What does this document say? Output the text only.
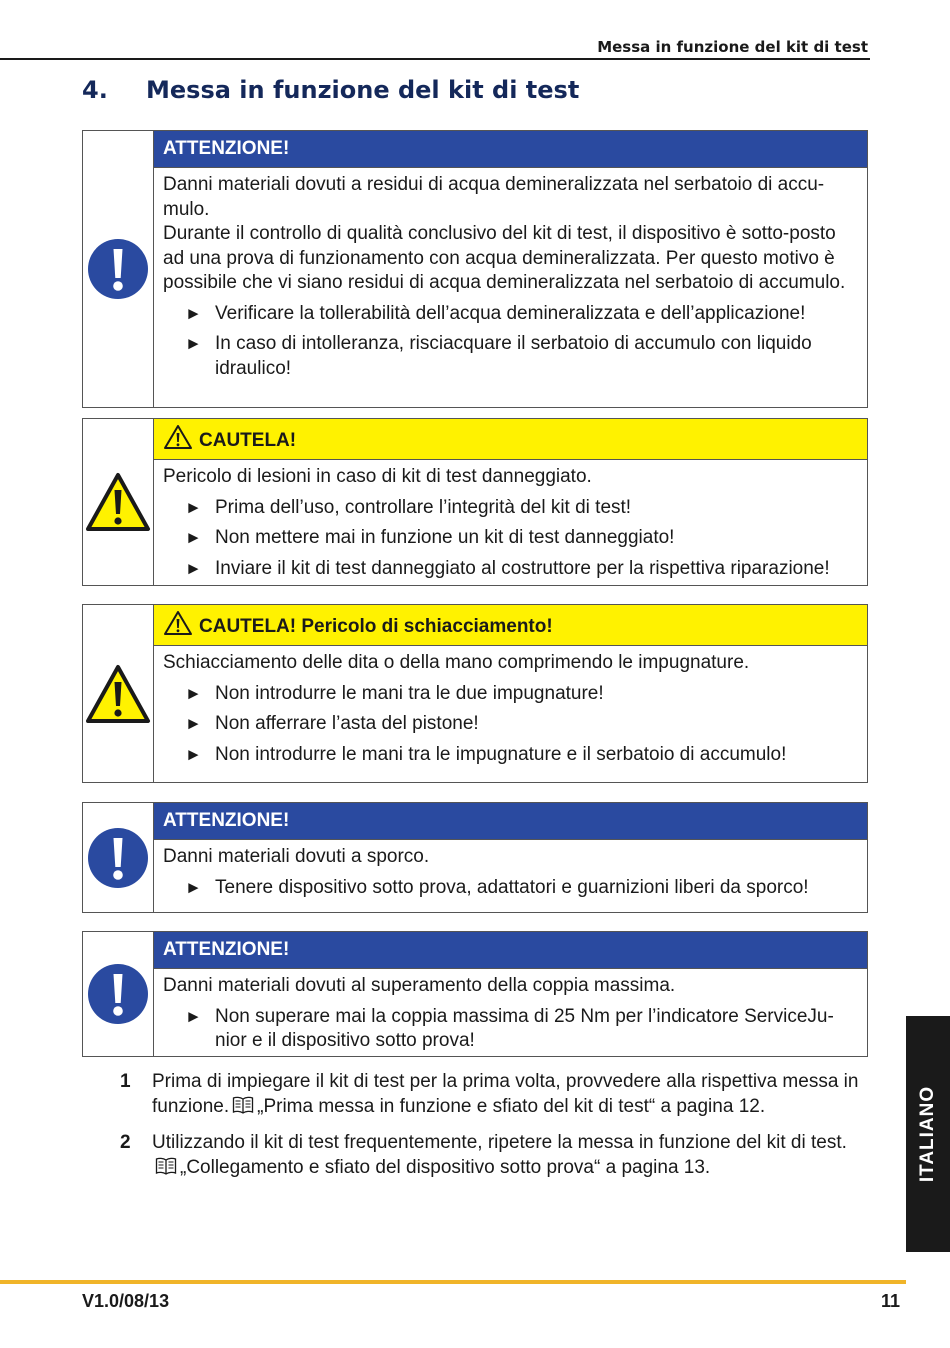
Messa in funzione del kit di test
4. Messa in funzione del kit di test
ATTENZIONE!

Danni materiali dovuti a residui di acqua demineralizzata nel serbatoio di accu-mulo.

Durante il controllo di qualità conclusivo del kit di test, il dispositivo è sotto-posto ad una prova di funzionamento con acqua demineralizzata. Per questo motivo è possibile che vi siano residui di acqua demineralizzata nel serbatoio di accumulo.

► Verificare la tollerabilità dell’acqua demineralizzata e dell’applicazione!
► In caso di intolleranza, risciacquare il serbatoio di accumulo con liquido idraulico!
CAUTELA!

Pericolo di lesioni in caso di kit di test danneggiato.

► Prima dell’uso, controllare l’integrità del kit di test!
► Non mettere mai in funzione un kit di test danneggiato!
► Inviare il kit di test danneggiato al costruttore per la rispettiva riparazione!
CAUTELA! Pericolo di schiacciamento!

Schiacciamento delle dita o della mano comprimendo le impugnature.

► Non introdurre le mani tra le due impugnature!
► Non afferrare l’asta del pistone!
► Non introdurre le mani tra le impugnature e il serbatoio di accumulo!
ATTENZIONE!

Danni materiali dovuti a sporco.

► Tenere dispositivo sotto prova, adattatori e guarnizioni liberi da sporco!
ATTENZIONE!

Danni materiali dovuti al superamento della coppia massima.

► Non superare mai la coppia massima di 25 Nm per l’indicatore ServiceJu-nior e il dispositivo sotto prova!
1 Prima di impiegare il kit di test per la prima volta, provvedere alla rispettiva messa in funzione. „Prima messa in funzione e sfiato del kit di test“ a pagina 12.
2 Utilizzando il kit di test frequentemente, ripetere la messa in funzione del kit di test.„Collegamento e sfiato del dispositivo sotto prova“ a pagina 13.	ITALIANO
V1.0/08/13	11
